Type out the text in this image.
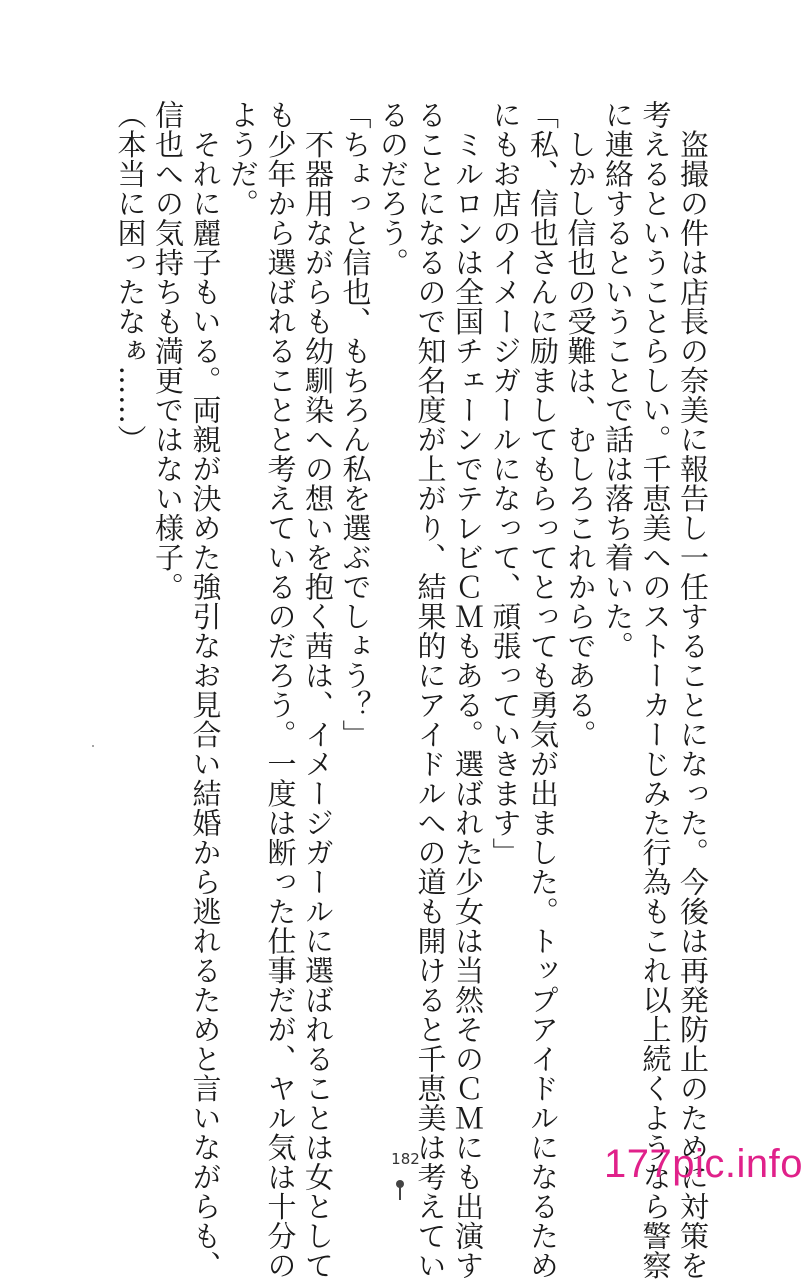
　盗撮の件は店長の奈美に報告し一任することになった。今後は再発防止のために対策を
考えるということらしい。千恵美へのストーカーじみた行為もこれ以上続くようなら警察
に連絡するということで話は落ち着いた。
　しかし信也の受難は、むしろこれからである。
「私、信也さんに励ましてもらってとっても勇気が出ました。トップアイドルになるため
にもお店のイメージガールになって、頑張っていきます」
　ミルロンは全国チェーンでテレビＣＭもある。選ばれた少女は当然そのＣＭにも出演す
ることになるので知名度が上がり、結果的にアイドルへの道も開けると千恵美は考えてい
るのだろう。
「ちょっと信也、もちろん私を選ぶでしょう？」
　不器用ながらも幼馴染への想いを抱く茜は、イメージガールに選ばれることは女として
も少年から選ばれることと考えているのだろう。一度は断った仕事だが、ヤル気は十分の
ようだ。
　それに麗子もいる。両親が決めた強引なお見合い結婚から逃れるためと言いながらも、
信也への気持ちも満更ではない様子。
（本当に困ったなぁ……）
182	177pic.info
